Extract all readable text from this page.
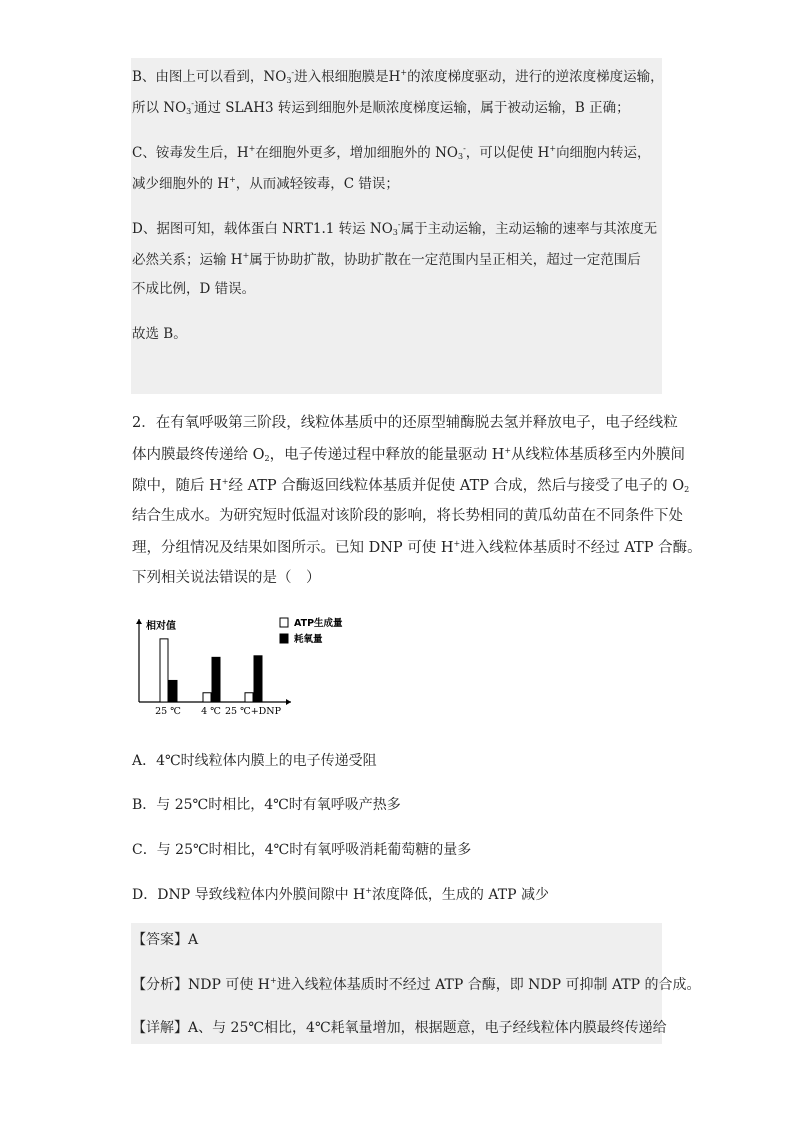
B、由图上可以看到，$NO_3^-$进入根细胞膜是H+的浓度梯度驱动，进行的逆浓度梯度运输，
所以 $NO_3^-$通过 SLAH3 转运到细胞外是顺浓度梯度运输，属于被动运输，B 正确；
C、铵毒发生后，H+在细胞外更多，增加细胞外的 $NO_3^-$，可以促使 H+向细胞内转运，
减少细胞外的 H+，从而减轻铵毒，C 错误；
D、据图可知，载体蛋白 NRT1.1 转运 $NO_3^-$属于主动运输，主动运输的速率与其浓度无
必然关系；运输 H+属于协助扩散，协助扩散在一定范围内呈正相关，超过一定范围后
不成比例，D 错误。
故选 B。
2．在有氧呼吸第三阶段，线粒体基质中的还原型辅酶脱去氢并释放电子，电子经线粒
体内膜最终传递给 $O_2$，电子传递过程中释放的能量驱动 H+从线粒体基质移至内外膜间
隙中，随后 H+经 ATP 合酶返回线粒体基质并促使 ATP 合成，然后与接受了电子的 $O_2$
结合生成水。为研究短时低温对该阶段的影响，将长势相同的黄瓜幼苗在不同条件下处
理，分组情况及结果如图所示。已知 DNP 可使 H+进入线粒体基质时不经过 ATP 合酶。
下列相关说法错误的是（　）
相对值
25 ℃ 4 ℃ 25 ℃+DNP
ATP生成量
耗氧量
A．4℃时线粒体内膜上的电子传递受阻
B．与 25℃时相比，4℃时有氧呼吸产热多
C．与 25℃时相比，4℃时有氧呼吸消耗葡萄糖的量多
D．DNP 导致线粒体内外膜间隙中 H+浓度降低，生成的 ATP 减少
【答案】A
【分析】NDP 可使 H+进入线粒体基质时不经过 ATP 合酶，即 NDP 可抑制 ATP 的合成。
【详解】A、与 25℃相比，4℃耗氧量增加，根据题意，电子经线粒体内膜最终传递给
